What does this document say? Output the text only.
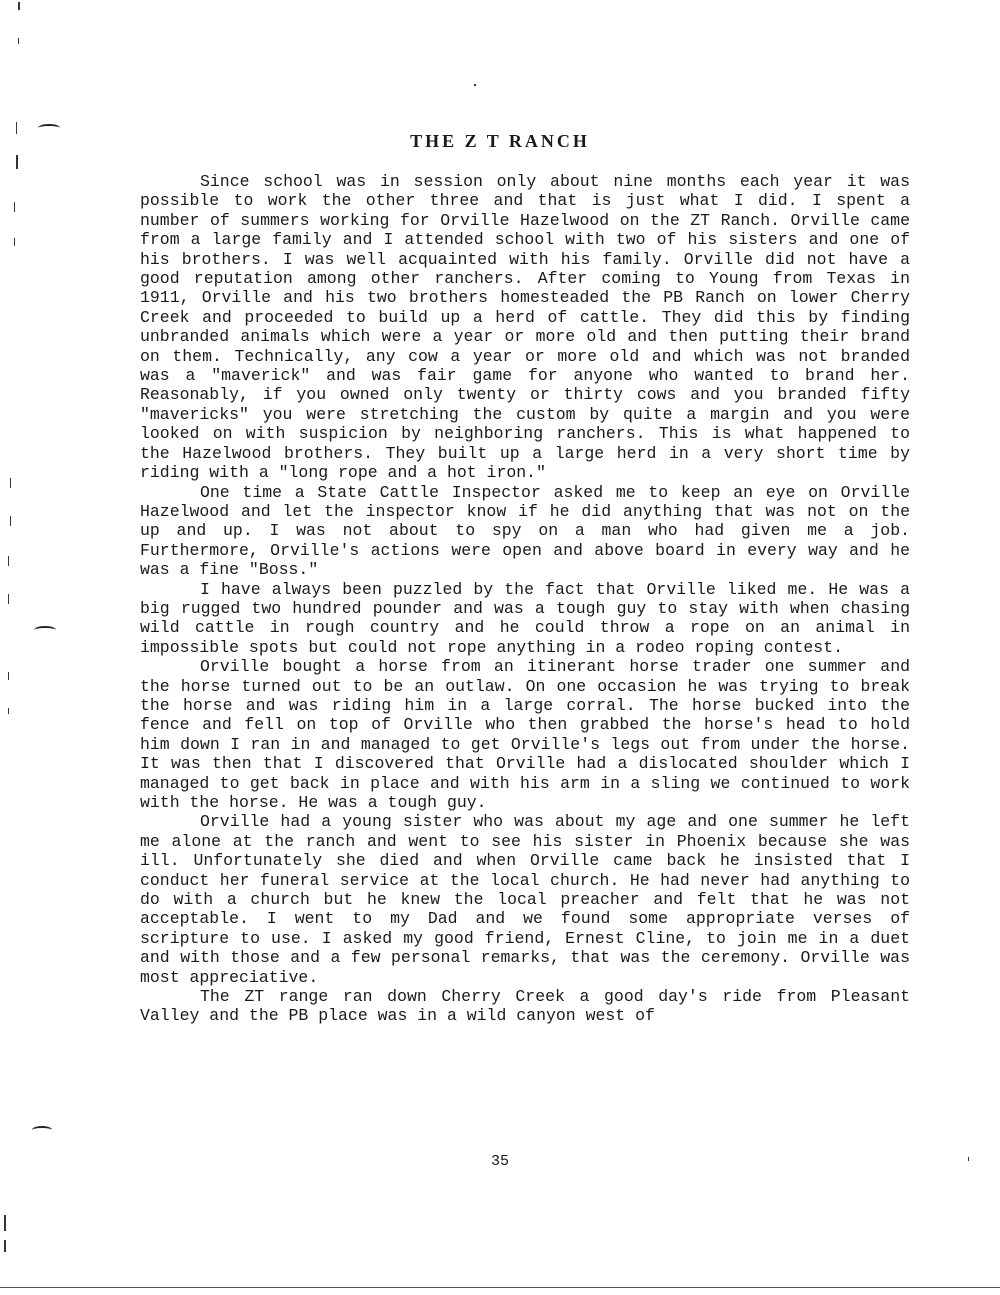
THE Z T RANCH

Since school was in session only about nine months each year it was possible to work the other three and that is just what I did. I spent a number of summers working for Orville Hazelwood on the ZT Ranch. Orville came from a large family and I attended school with two of his sisters and one of his brothers. I was well acquainted with his family. Orville did not have a good reputation among other ranchers. After coming to Young from Texas in 1911, Orville and his two brothers homesteaded the PB Ranch on lower Cherry Creek and proceeded to build up a herd of cattle. They did this by finding unbranded animals which were a year or more old and then putting their brand on them. Technically, any cow a year or more old and which was not branded was a "maverick" and was fair game for anyone who wanted to brand her. Reasonably, if you owned only twenty or thirty cows and you branded fifty "mavericks" you were stretching the custom by quite a margin and you were looked on with suspicion by neighboring ranchers. This is what happened to the Hazelwood brothers. They built up a large herd in a very short time by riding with a "long rope and a hot iron."

One time a State Cattle Inspector asked me to keep an eye on Orville Hazelwood and let the inspector know if he did anything that was not on the up and up. I was not about to spy on a man who had given me a job. Furthermore, Orville's actions were open and above board in every way and he was a fine "Boss."

I have always been puzzled by the fact that Orville liked me. He was a big rugged two hundred pounder and was a tough guy to stay with when chasing wild cattle in rough country and he could throw a rope on an animal in impossible spots but could not rope anything in a rodeo roping contest.

Orville bought a horse from an itinerant horse trader one summer and the horse turned out to be an outlaw. On one occasion he was trying to break the horse and was riding him in a large corral. The horse bucked into the fence and fell on top of Orville who then grabbed the horse's head to hold him down I ran in and managed to get Orville's legs out from under the horse. It was then that I discovered that Orville had a dislocated shoulder which I managed to get back in place and with his arm in a sling we continued to work with the horse. He was a tough guy.

Orville had a young sister who was about my age and one summer he left me alone at the ranch and went to see his sister in Phoenix because she was ill. Unfortunately she died and when Orville came back he insisted that I conduct her funeral service at the local church. He had never had anything to do with a church but he knew the local preacher and felt that he was not acceptable. I went to my Dad and we found some appropriate verses of scripture to use. I asked my good friend, Ernest Cline, to join me in a duet and with those and a few personal remarks, that was the ceremony. Orville was most appreciative.

The ZT range ran down Cherry Creek a good day's ride from Pleasant Valley and the PB place was in a wild canyon west of

35
